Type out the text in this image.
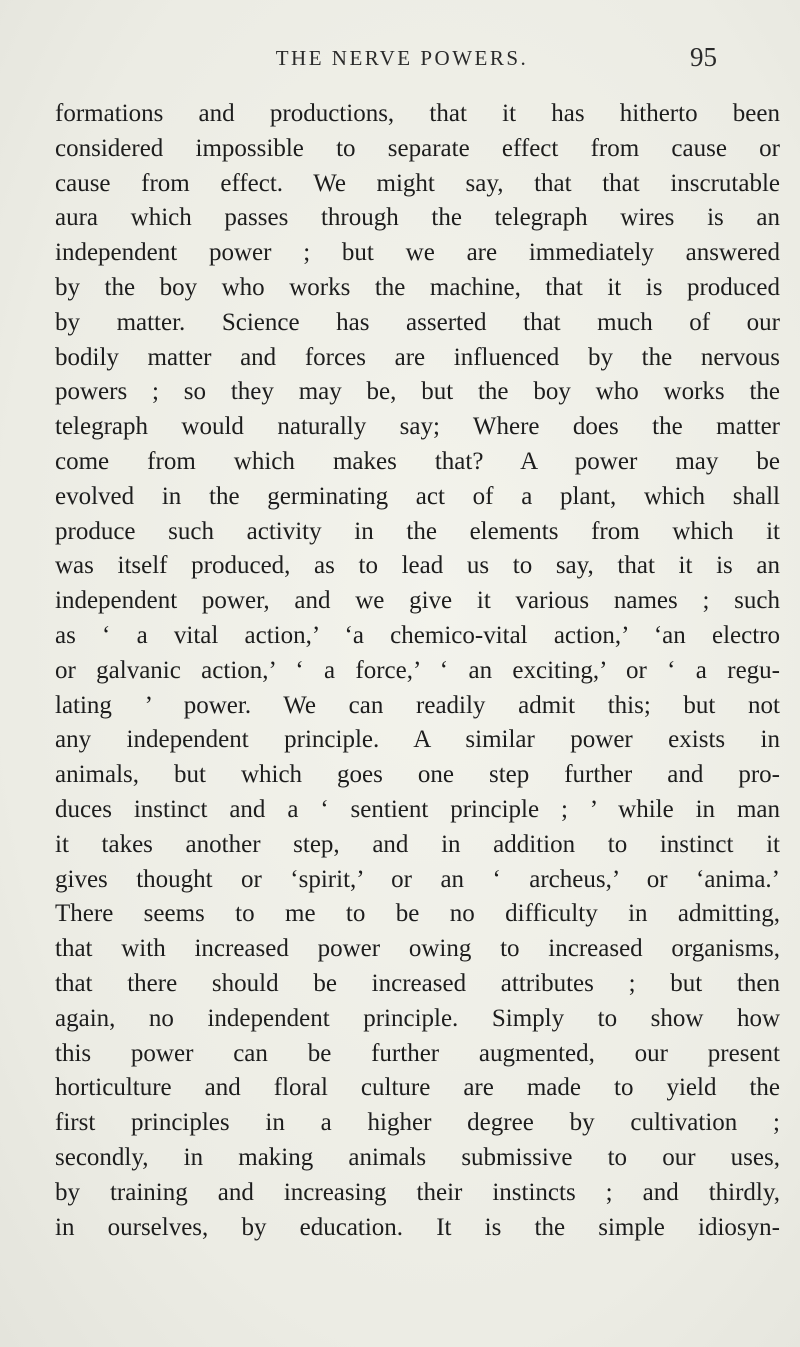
THE NERVE POWERS.	95
formations and productions, that it has hitherto been
considered impossible to separate effect from cause or
cause from effect. We might say, that that inscrutable
aura which passes through the telegraph wires is an
independent power ; but we are immediately answered
by the boy who works the machine, that it is produced
by matter. Science has asserted that much of our
bodily matter and forces are influenced by the nervous
powers ; so they may be, but the boy who works the
telegraph would naturally say; Where does the matter
come from which makes that? A power may be
evolved in the germinating act of a plant, which shall
produce such activity in the elements from which it
was itself produced, as to lead us to say, that it is an
independent power, and we give it various names ; such
as ‘ a vital action,’ ‘a chemico-vital action,’ ‘an electro
or galvanic action,’ ‘ a force,’ ‘ an exciting,’ or ‘ a regu-
lating ’ power. We can readily admit this; but not
any independent principle. A similar power exists in
animals, but which goes one step further and pro-
duces instinct and a ‘ sentient principle ; ’ while in man
it takes another step, and in addition to instinct it
gives thought or ‘spirit,’ or an ‘ archeus,’ or ‘anima.’
There seems to me to be no difficulty in admitting,
that with increased power owing to increased organisms,
that there should be increased attributes ; but then
again, no independent principle. Simply to show how
this power can be further augmented, our present
horticulture and floral culture are made to yield the
first principles in a higher degree by cultivation ;
secondly, in making animals submissive to our uses,
by training and increasing their instincts ; and thirdly,
in ourselves, by education. It is the simple idiosyn-
